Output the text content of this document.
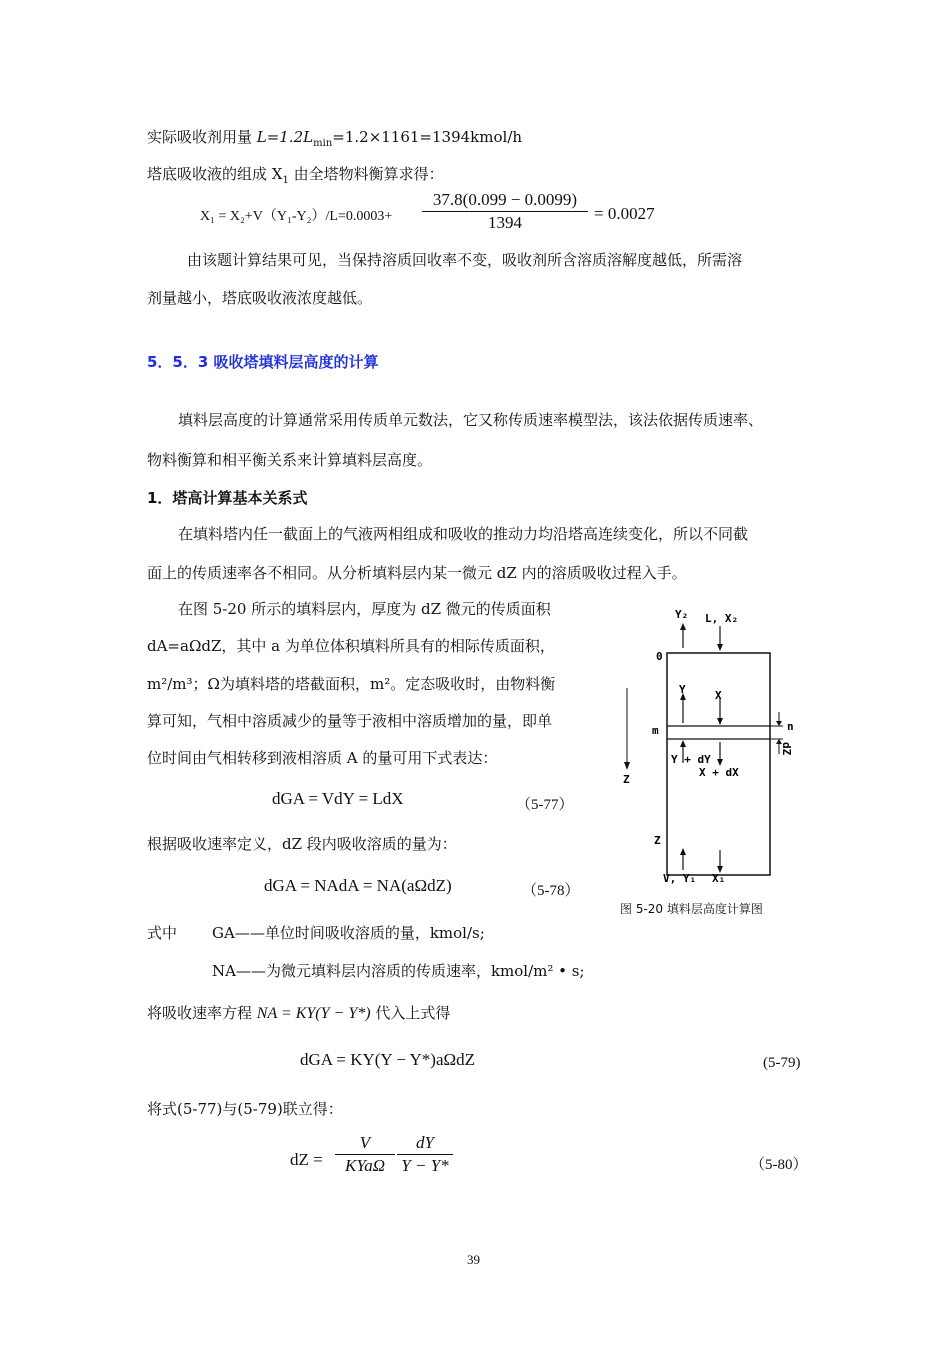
实际吸收剂用量 $L=1.2L_{min}=1.2\times 1161=1394kmol/h$
塔底吸收液的组成 $X_1$ 由全塔物料衡算求得：
$X_1 = X_2+V(Y_1-Y_2)/L=0.0003+ \frac{37.8(0.099 - 0.0099)}{1394} = 0.0027$
由该题计算结果可见，当保持溶质回收率不变，吸收剂所含溶质溶解度越低，所需溶
剂量越小，塔底吸收液浓度越低。
5．5．3 吸收塔填料层高度的计算
填料层高度的计算通常采用传质单元数法，它又称传质速率模型法，该法依据传质速率、
物料衡算和相平衡关系来计算填料层高度。
1．塔高计算基本关系式
在填料塔内任一截面上的气液两相组成和吸收的推动力均沿塔高连续变化，所以不同截
面上的传质速率各不相同。从分析填料层内某一微元 dZ 内的溶质吸收过程入手。
在图 5-20 所示的填料层内，厚度为 dZ 微元的传质面积
dA=aΩdZ，其中 a 为单位体积填料所具有的相际传质面积，
m²/m³；Ω为填料塔的塔截面积，m²。定态吸收时，由物料衡
算可知，气相中溶质减少的量等于液相中溶质增加的量，即单
位时间由气相转移到液相溶质 A 的量可用下式表达：
dGA = VdY = LdX	（5-77）
根据吸收速率定义，dZ 段内吸收溶质的量为：
dGA = NAdA = NA(aΩdZ)	（5-78）
Y₂ L, X₂
0
Y	X
m	n
dZ
Y + dY
X + dX
Z
Z
V, Y₁ X₁
图 5-20 填料层高度计算图
式中 GA——单位时间吸收溶质的量，kmol/s;
NA——为微元填料层内溶质的传质速率，kmol/m² • s;
将吸收速率方程 NA = KY(Y − Y*) 代入上式得
dGA = KY(Y − Y*)aΩdZ	(5-79)
将式(5-77)与(5-79)联立得：
dZ =
V
KYaΩ $\frac{dY}{Y - Y*}$	（5-80）
39
